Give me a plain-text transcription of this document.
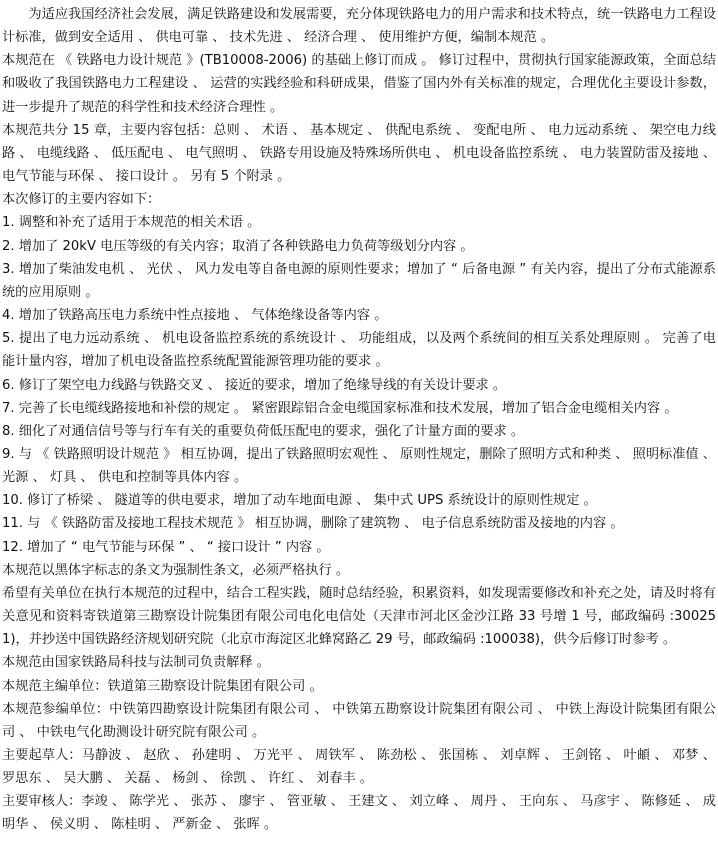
为适应我国经济社会发展，满足铁路建设和发展需要，充分体现铁路电力的用户需求和技术特点，统一铁路电力工程设计标准，做到安全适用 、 供电可靠 、 技术先进 、 经济合理 、 使用维护方便，编制本规范 。

本规范在 《 铁路电力设计规范 》(TB10008-2006) 的基础上修订而成 。 修订过程中，贯彻执行国家能源政策，全面总结和吸收了我国铁路电力工程建设 、 运营的实践经验和科研成果，借鉴了国内外有关标准的规定，合理优化主要设计参数，进一步提升了规范的科学性和技术经济合理性 。

本规范共分 15 章，主要内容包括：总则 、 术语 、 基本规定 、 供配电系统 、 变配电所 、 电力远动系统 、 架空电力线路 、 电缆线路 、 低压配电 、 电气照明 、 铁路专用设施及特殊场所供电 、 机电设备监控系统 、 电力装置防雷及接地 、 电气节能与环保 、 接口设计 。 另有 5 个附录 。

本次修订的主要内容如下：

1. 调整和补充了适用于本规范的相关术语 。

2. 增加了 20kV 电压等级的有关内容；取消了各种铁路电力负荷等级划分内容 。

3. 增加了柴油发电机 、 光伏 、 风力发电等自备电源的原则性要求；增加了 “ 后备电源 ” 有关内容，提出了分布式能源系统的应用原则 。

4. 增加了铁路高压电力系统中性点接地 、 气体绝缘设备等内容 。

5. 提出了电力远动系统 、 机电设备监控系统的系统设计 、 功能组成，以及两个系统间的相互关系处理原则 。 完善了电能计量内容，增加了机电设备监控系统配置能源管理功能的要求 。

6. 修订了架空电力线路与铁路交叉 、 接近的要求，增加了绝缘导线的有关设计要求 。

7. 完善了长电缆线路接地和补偿的规定 。 紧密跟踪铝合金电缆国家标准和技术发展，增加了铝合金电缆相关内容 。

8. 细化了对通信信号等与行车有关的重要负荷低压配电的要求，强化了计量方面的要求 。

9. 与 《 铁路照明设计规范 》 相互协调，提出了铁路照明宏观性 、 原则性规定，删除了照明方式和种类 、 照明标准值 、 光源 、 灯具 、 供电和控制等具体内容 。

10. 修订了桥梁 、 隧道等的供电要求，增加了动车地面电源 、 集中式 UPS 系统设计的原则性规定 。

11. 与 《 铁路防雷及接地工程技术规范 》 相互协调，删除了建筑物 、 电子信息系统防雷及接地的内容 。

12. 增加了 “ 电气节能与环保 ” 、 “ 接口设计 ” 内容 。

本规范以黑体字标志的条文为强制性条文，必须严格执行 。

希望有关单位在执行本规范的过程中，结合工程实践，随时总结经验，积累资料，如发现需要修改和补充之处，请及时将有关意见和资料寄铁道第三勘察设计院集团有限公司电化电信处（天津市河北区金沙江路 33 号增 1 号，邮政编码 :300251)，并抄送中国铁路经济规划研究院（北京市海淀区北蜂窝路乙 29 号，邮政编码 :100038)，供今后修订时参考 。

本规范由国家铁路局科技与法制司负责解释 。

本规范主编单位：铁道第三勘察设计院集团有限公司 。

本规范参编单位：中铁第四勘察设计院集团有限公司 、 中铁第五勘察设计院集团有限公司 、 中铁上海设计院集团有限公司 、 中铁电气化勘测设计研究院有限公司 。

主要起草人：马静波 、 赵欣 、 孙建明 、 万光平 、 周铁军 、 陈劲松 、 张国栋 、 刘卓辉 、 王剑铭 、 叶頔 、 邓梦 、 罗思东 、 吴大鹏 、 关磊 、 杨剑 、 徐凯 、 许红 、 刘春丰 。

主要审核人：李竣 、 陈学光 、 张苏 、 廖宇 、 管亚敏 、 王建文 、 刘立峰 、 周丹 、 王向东 、 马彦宇 、 陈修延 、 成明华 、 侯义明 、 陈桂明 、 严新金 、 张晖 。
